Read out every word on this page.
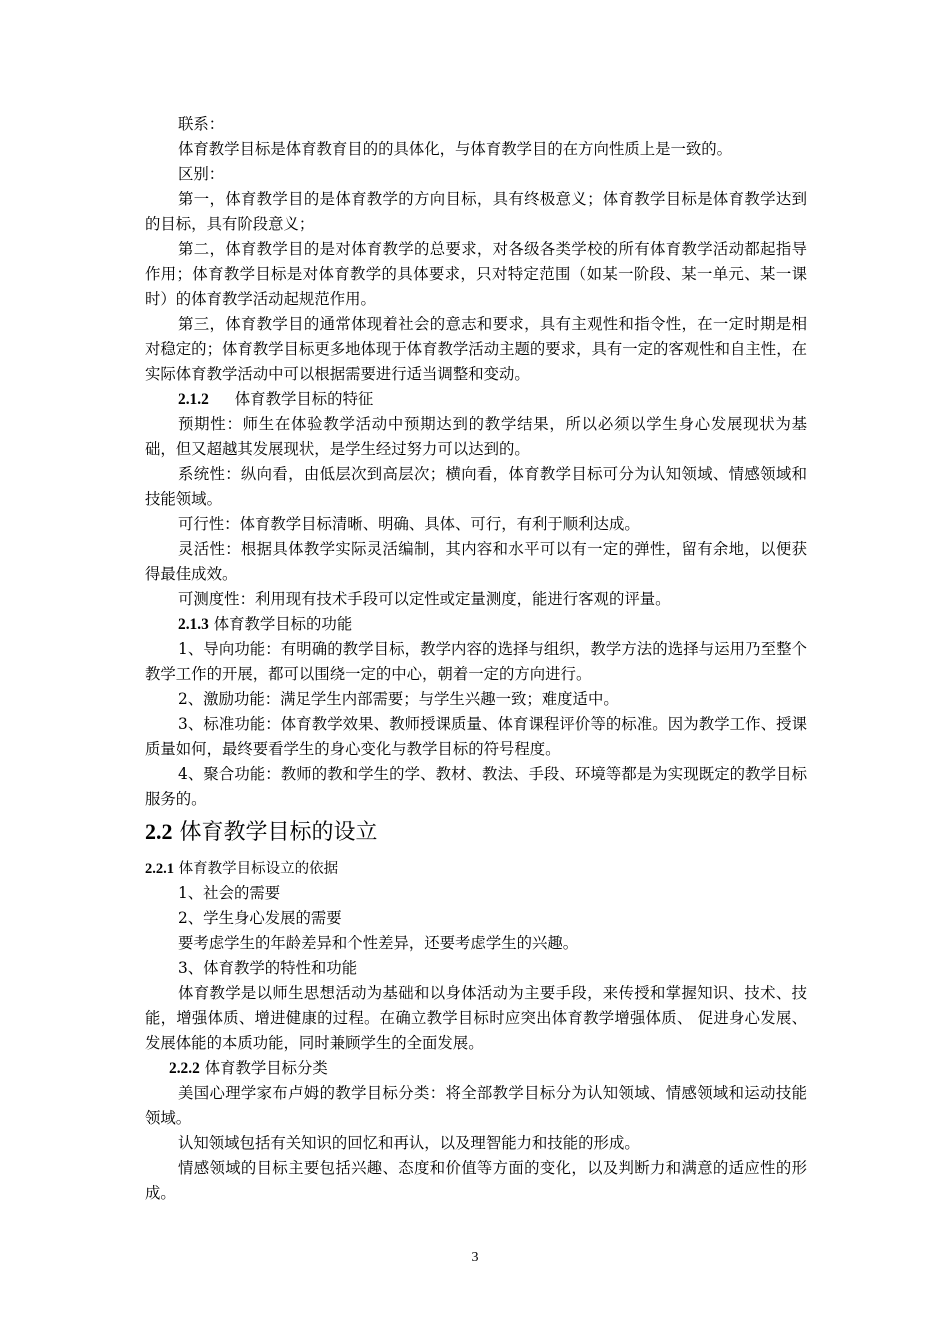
联系：

体育教学目标是体育教育目的的具体化，与体育教学目的在方向性质上是一致的。

区别：

第一，体育教学目的是体育教学的方向目标，具有终极意义；体育教学目标是体育教学达到的目标，具有阶段意义；

第二，体育教学目的是对体育教学的总要求，对各级各类学校的所有体育教学活动都起指导作用；体育教学目标是对体育教学的具体要求，只对特定范围（如某一阶段、某一单元、某一课时）的体育教学活动起规范作用。

第三，体育教学目的通常体现着社会的意志和要求，具有主观性和指令性，在一定时期是相对稳定的；体育教学目标更多地体现于体育教学活动主题的要求，具有一定的客观性和自主性，在实际体育教学活动中可以根据需要进行适当调整和变动。

2.1.2 体育教学目标的特征

预期性：师生在体验教学活动中预期达到的教学结果，所以必须以学生身心发展现状为基础，但又超越其发展现状，是学生经过努力可以达到的。

系统性：纵向看，由低层次到高层次；横向看，体育教学目标可分为认知领域、情感领域和技能领域。

可行性：体育教学目标清晰、明确、具体、可行，有利于顺利达成。

灵活性：根据具体教学实际灵活编制，其内容和水平可以有一定的弹性，留有余地，以便获得最佳成效。

可测度性：利用现有技术手段可以定性或定量测度，能进行客观的评量。

2.1.3 体育教学目标的功能

1、导向功能：有明确的教学目标，教学内容的选择与组织，教学方法的选择与运用乃至整个教学工作的开展，都可以围绕一定的中心，朝着一定的方向进行。

2、激励功能：满足学生内部需要；与学生兴趣一致；难度适中。

3、标准功能：体育教学效果、教师授课质量、体育课程评价等的标准。因为教学工作、授课质量如何，最终要看学生的身心变化与教学目标的符号程度。

4、聚合功能：教师的教和学生的学、教材、教法、手段、环境等都是为实现既定的教学目标服务的。

2.2 体育教学目标的设立

2.2.1 体育教学目标设立的依据

1、社会的需要

2、学生身心发展的需要

要考虑学生的年龄差异和个性差异，还要考虑学生的兴趣。

3、体育教学的特性和功能

体育教学是以师生思想活动为基础和以身体活动为主要手段，来传授和掌握知识、技术、技能，增强体质、增进健康的过程。在确立教学目标时应突出体育教学增强体质、 促进身心发展、发展体能的本质功能，同时兼顾学生的全面发展。

2.2.2 体育教学目标分类

美国心理学家布卢姆的教学目标分类：将全部教学目标分为认知领域、情感领域和运动技能领域。

认知领域包括有关知识的回忆和再认，以及理智能力和技能的形成。

情感领域的目标主要包括兴趣、态度和价值等方面的变化，以及判断力和满意的适应性的形成。

3
